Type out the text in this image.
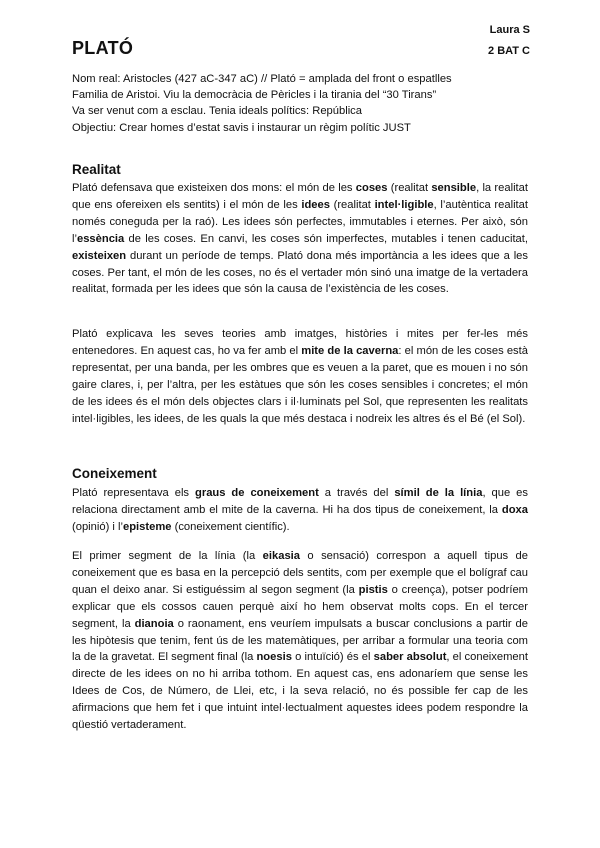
Laura S
2 BAT C
PLATÓ

Nom real: Aristocles (427 aC-347 aC) // Plató = amplada del front o espatlles

Familia de Aristoi. Viu la democràcia de Pèricles i la tirania del “30 Tirans”

Va ser venut com a esclau. Tenia ideals polítics: República

Objectiu: Crear homes d’estat savis i instaurar un règim polític JUST

Realitat

Plató defensava que existeixen dos mons: el món de les coses (realitat sensible, la realitat que ens ofereixen els sentits) i el món de les idees (realitat intel·ligible, l’autèntica realitat només coneguda per la raó). Les idees són perfectes, immutables i eternes. Per això, són l’essència de les coses. En canvi, les coses són imperfectes, mutables i tenen caducitat, existeixen durant un període de temps. Plató dona més importància a les idees que a les coses. Per tant, el món de les coses, no és el vertader món sinó una imatge de la vertadera realitat, formada per les idees que són la causa de l’existència de les coses.

Plató explicava les seves teories amb imatges, històries i mites per fer-les més entenedores. En aquest cas, ho va fer amb el mite de la caverna: el món de les coses està representat, per una banda, per les ombres que es veuen a la paret, que es mouen i no són gaire clares, i, per l’altra, per les estàtues que són les coses sensibles i concretes; el món de les idees és el món dels objectes clars i il·luminats pel Sol, que representen les realitats intel·ligibles, les idees, de les quals la que més destaca i nodreix les altres és el Bé (el Sol).

Coneixement

Plató representava els graus de coneixement a través del símil de la línia, que es relaciona directament amb el mite de la caverna. Hi ha dos tipus de coneixement, la doxa (opinió) i l’episteme (coneixement científic).

El primer segment de la línia (la eikasia o sensació) correspon a aquell tipus de coneixement que es basa en la percepció dels sentits, com per exemple que el bolígraf cau quan el deixo anar. Si estiguéssim al segon segment (la pistis o creença), potser podríem explicar que els cossos cauen perquè així ho hem observat molts cops. En el tercer segment, la dianoia o raonament, ens veuríem impulsats a buscar conclusions a partir de les hipòtesis que tenim, fent ús de les matemàtiques, per arribar a formular una teoria com la de la gravetat. El segment final (la noesis o intuïció) és el saber absolut, el coneixement directe de les idees on no hi arriba tothom. En aquest cas, ens adonaríem que sense les Idees de Cos, de Número, de Llei, etc, i la seva relació, no és possible fer cap de les afirmacions que hem fet i que intuint intel·lectualment aquestes idees podem respondre la qüestió vertaderament.
